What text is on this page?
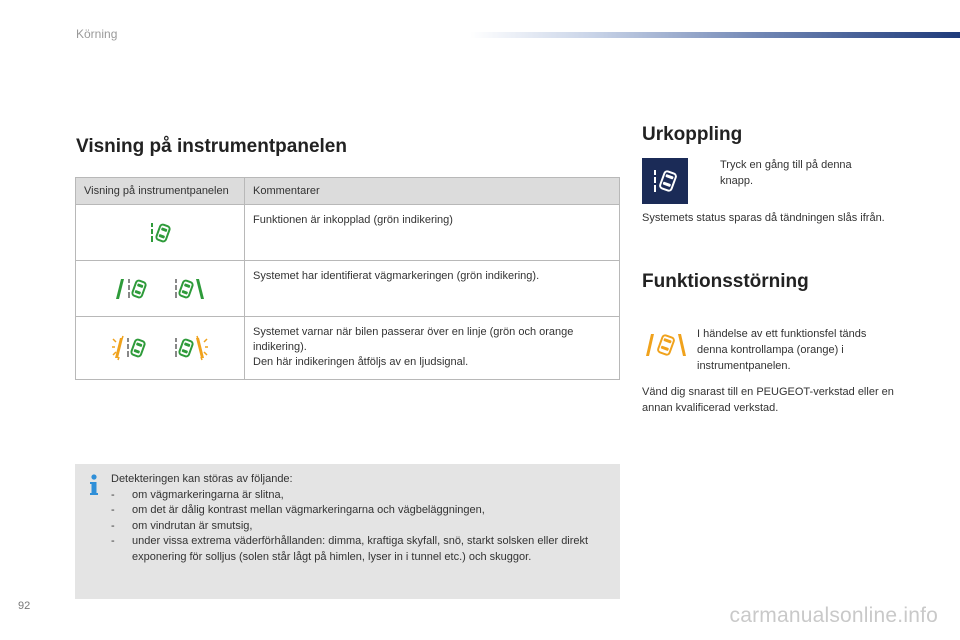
Körning
Visning på instrumentpanelen
Visning på instrumentpanelen	Kommentarer

Funktionen är inkopplad (grön indikering)

Systemet har identifierat vägmarkeringen (grön indikering).

Systemet varnar när bilen passerar över en linje (grön och orange indikering).
Den här indikeringen åtföljs av en ljudsignal.
Detekteringen kan störas av följande:
-	om vägmarkeringarna är slitna,
-	om det är dålig kontrast mellan vägmarkeringarna och vägbeläggningen,
-	om vindrutan är smutsig,
-	under vissa extrema väderförhållanden: dimma, kraftiga skyfall, snö, starkt solsken eller direkt exponering för solljus (solen står lågt på himlen, lyser in i tunnel etc.) och skuggor.
Urkoppling
Tryck en gång till på denna
knapp.
Systemets status sparas då tändningen slås ifrån.
Funktionsstörning
I händelse av ett funktionsfel tänds denna kontrollampa (orange) i instrumentpanelen.
Vänd dig snarast till en PEUGEOT-verkstad eller en annan kvalificerad verkstad.
92	carmanualsonline.info
